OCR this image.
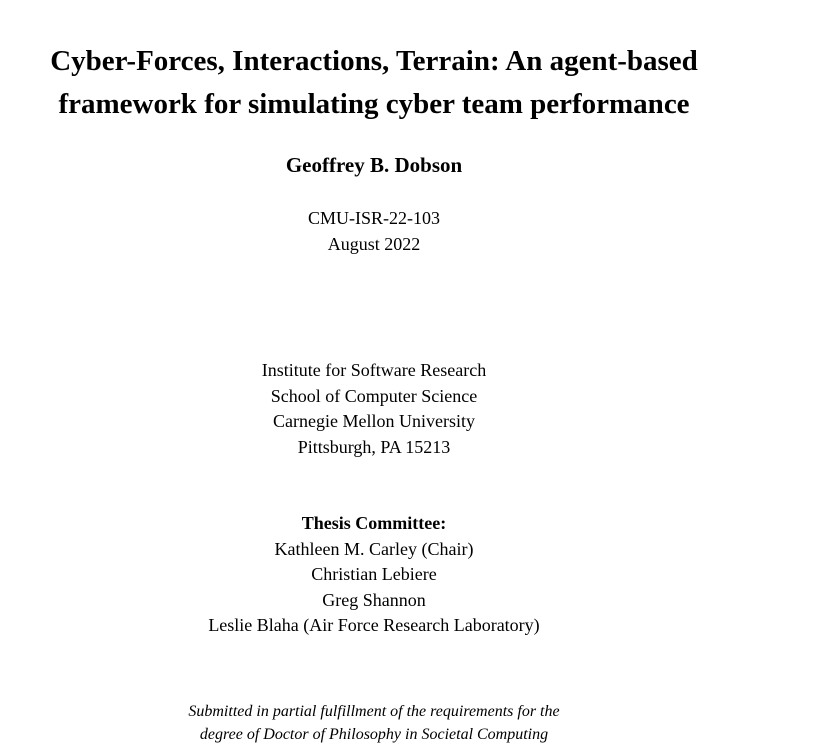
Cyber-Forces, Interactions, Terrain: An agent-based
framework for simulating cyber team performance
Geoffrey B. Dobson
CMU-ISR-22-103
August 2022
Institute for Software Research
School of Computer Science
Carnegie Mellon University
Pittsburgh, PA 15213
Thesis Committee:
Kathleen M. Carley (Chair)
Christian Lebiere
Greg Shannon
Leslie Blaha (Air Force Research Laboratory)
Submitted in partial fulfillment of the requirements for the
degree of Doctor of Philosophy in Societal Computing
